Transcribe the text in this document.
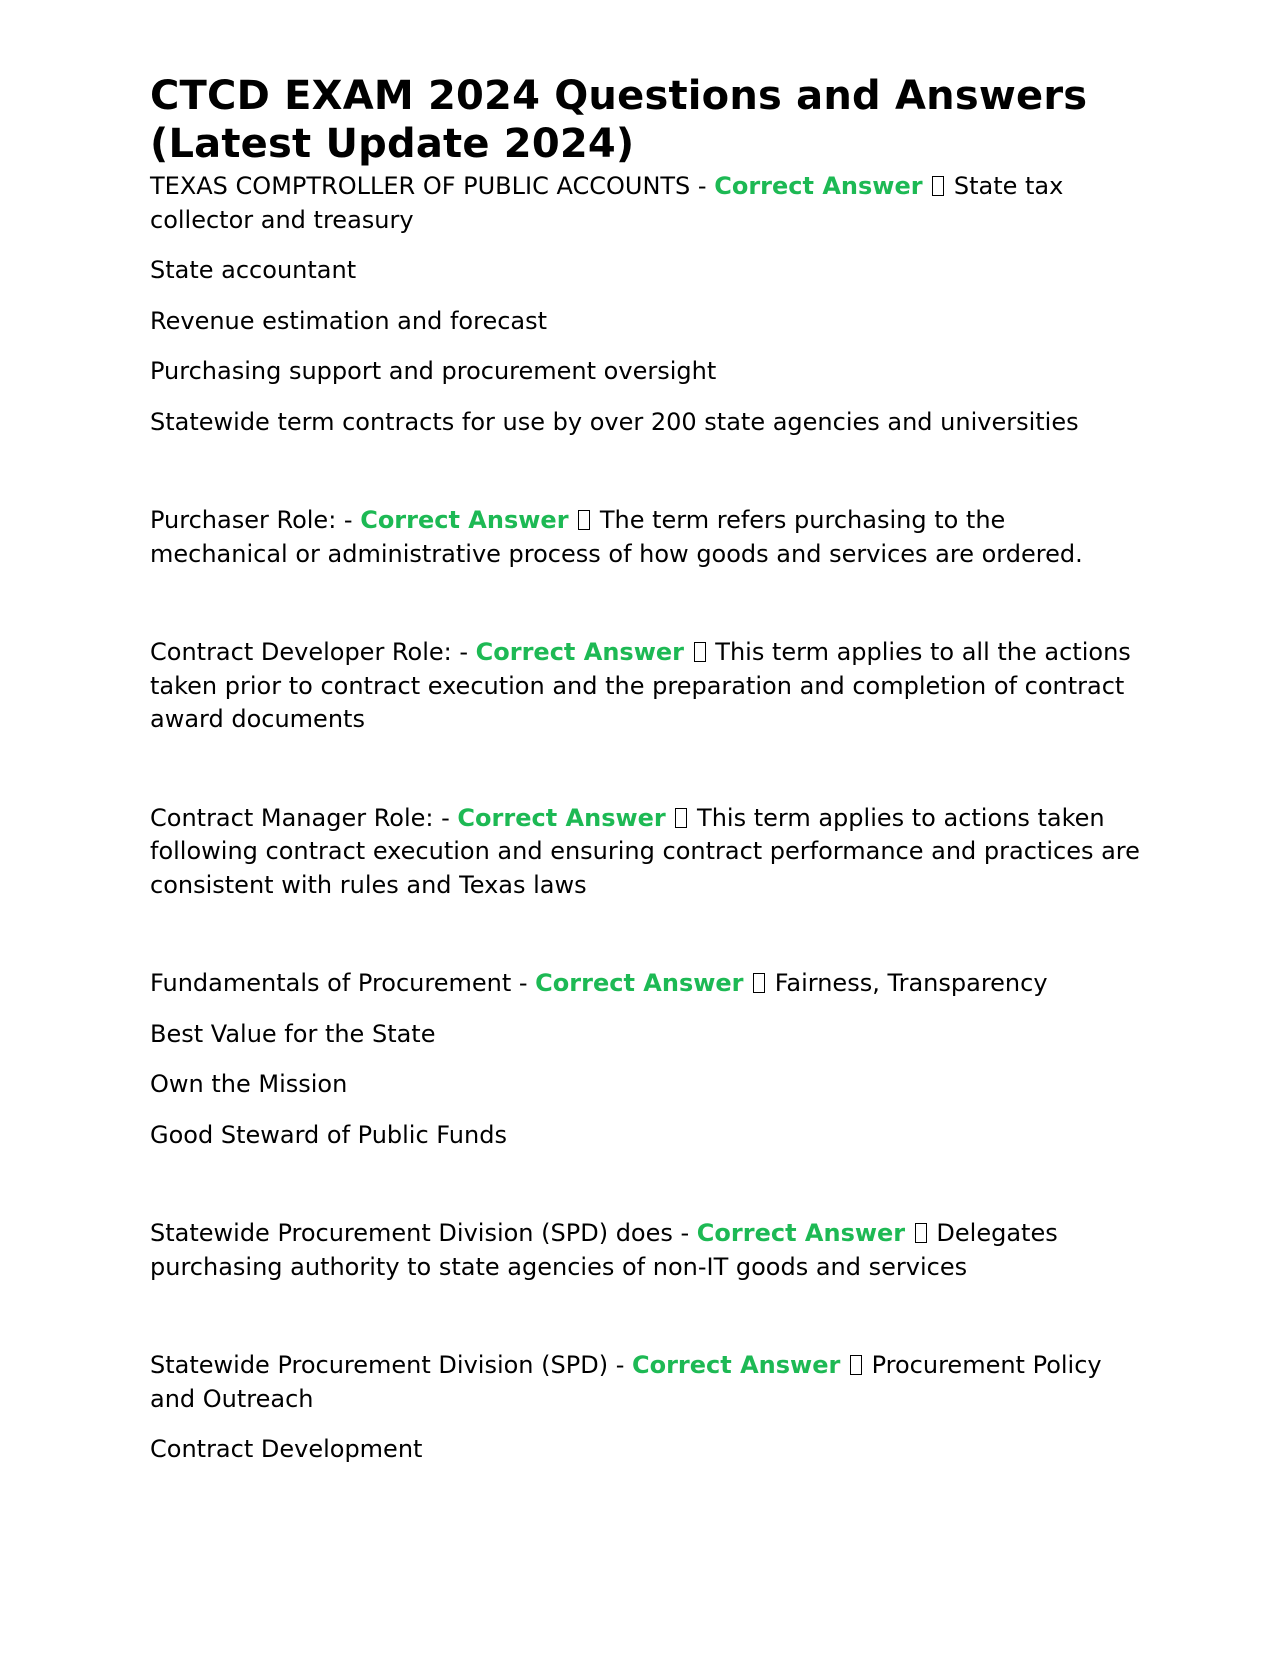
CTCD EXAM 2024 Questions and Answers (Latest Update 2024)

TEXAS COMPTROLLER OF PUBLIC ACCOUNTS - Correct Answer State tax collector and treasury

State accountant

Revenue estimation and forecast

Purchasing support and procurement oversight

Statewide term contracts for use by over 200 state agencies and universities

Purchaser Role: - Correct Answer The term refers purchasing to the mechanical or administrative process of how goods and services are ordered.

Contract Developer Role: - Correct Answer This term applies to all the actions taken prior to contract execution and the preparation and completion of contract award documents

Contract Manager Role: - Correct Answer This term applies to actions taken following contract execution and ensuring contract performance and practices are consistent with rules and Texas laws

Fundamentals of Procurement - Correct Answer Fairness, Transparency

Best Value for the State

Own the Mission

Good Steward of Public Funds

Statewide Procurement Division (SPD) does - Correct Answer Delegates purchasing authority to state agencies of non-IT goods and services

Statewide Procurement Division (SPD) - Correct Answer Procurement Policy and Outreach

Contract Development
